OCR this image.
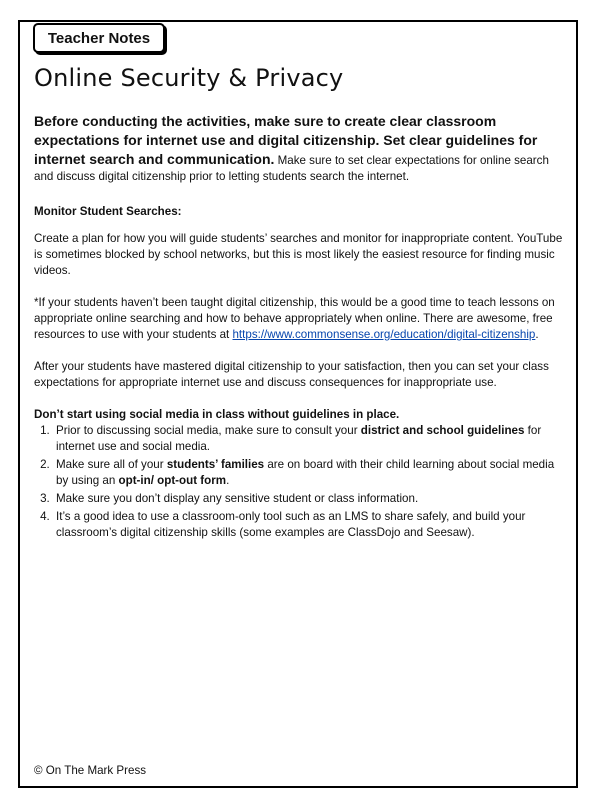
Teacher Notes
Online Security & Privacy

Before conducting the activities, make sure to create clear classroom expectations for internet use and digital citizenship. Set clear guidelines for internet search and communication. Make sure to set clear expectations for online search and discuss digital citizenship prior to letting students search the internet.

Monitor Student Searches:

Create a plan for how you will guide students’ searches and monitor for inappropriate content. YouTube is sometimes blocked by school networks, but this is most likely the easiest resource for finding music videos.

*If your students haven’t been taught digital citizenship, this would be a good time to teach lessons on appropriate online searching and how to behave appropriately when online. There are awesome, free resources to use with your students at https://www.commonsense.org/education/digital-citizenship.

After your students have mastered digital citizenship to your satisfaction, then you can set your class expectations for appropriate internet use and discuss consequences for inappropriate use.

Don’t start using social media in class without guidelines in place.
1. Prior to discussing social media, make sure to consult your district and school guidelines for internet use and social media.
2. Make sure all of your students’ families are on board with their child learning about social media by using an opt-in/ opt-out form.
3. Make sure you don’t display any sensitive student or class information.
4. It’s a good idea to use a classroom-only tool such as an LMS to share safely, and build your classroom’s digital citizenship skills (some examples are ClassDojo and Seesaw).
© On The Mark Press
